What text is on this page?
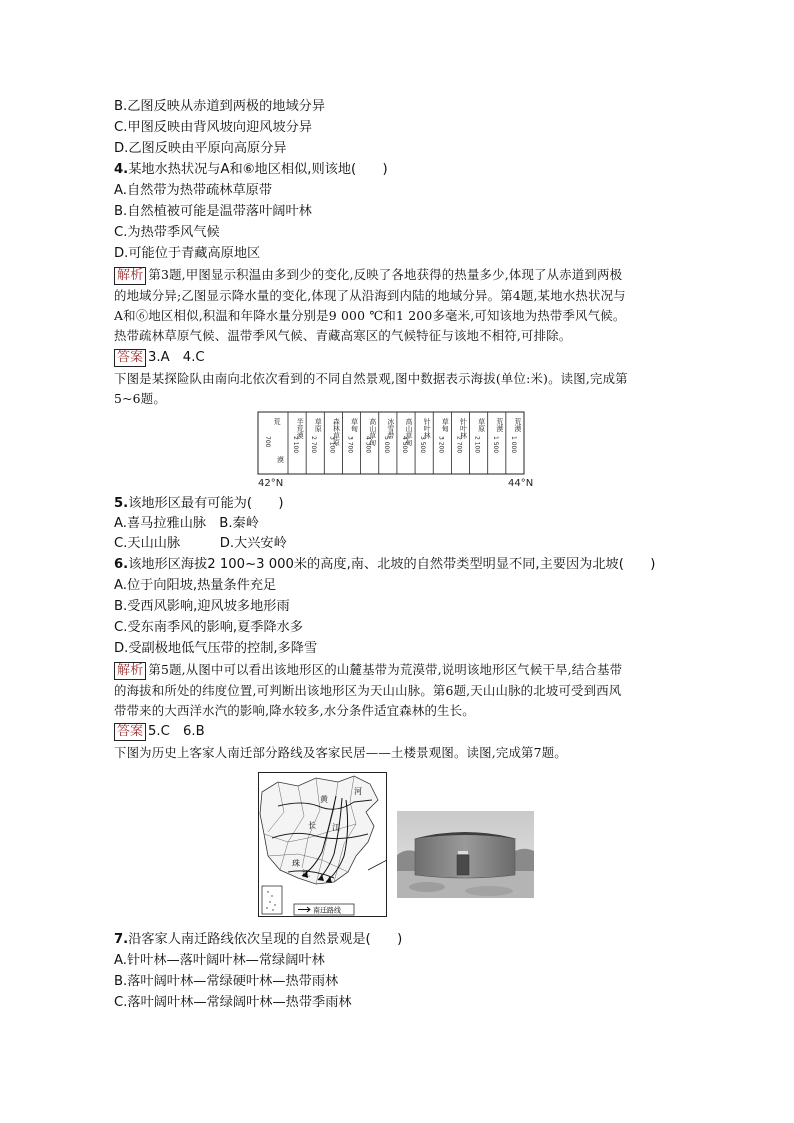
B.乙图反映从赤道到两极的地域分异
C.甲图反映由背风坡向迎风坡分异
D.乙图反映由平原向高原分异
4.某地水热状况与A和⑥地区相似,则该地(　　)
A.自然带为热带疏林草原带
B.自然植被可能是温带落叶阔叶林
C.为热带季风气候
D.可能位于青藏高原地区
解析 第3题,甲图显示积温由多到少的变化,反映了各地获得的热量多少,体现了从赤道到两极
的地域分异;乙图显示降水量的变化,体现了从沿海到内陆的地域分异。第4题,某地水热状况与
A和⑥地区相似,积温和年降水量分别是9 000 ℃和1 200多毫米,可知该地为热带季风气候。
热带疏林草原气候、温带季风气候、青藏高寒区的气候特征与该地不相符,可排除。
答案 3.A　4.C
下图是某探险队由南向北依次看到的不同自然景观,图中数据表示海拔(单位:米)。读图,完成第
5~6题。
荒
700
漠
半荒漠
2 100
草原
2 700 森林草原
3 100
草甸
3 700 高山草甸
4 300
冰雪带
5 000 高山草甸
4 500
针叶林
3 500
草甸
3 200
针叶林
2 700
草原
2 100
荒漠
1 500
荒漠
1 000
42°N	44°N
5.该地形区最有可能为(　　)
A.喜马拉雅山脉　B.秦岭
C.天山山脉　　　D.大兴安岭
6.该地形区海拔2 100~3 000米的高度,南、北坡的自然带类型明显不同,主要因为北坡(　　)
A.位于向阳坡,热量条件充足
B.受西风影响,迎风坡多地形雨
C.受东南季风的影响,夏季降水多
D.受副极地低气压带的控制,多降雪
解析 第5题,从图中可以看出该地形区的山麓基带为荒漠带,说明该地形区气候干旱,结合基带
的海拔和所处的纬度位置,可判断出该地形区为天山山脉。第6题,天山山脉的北坡可受到西风
带带来的大西洋水汽的影响,降水较多,水分条件适宜森林的生长。
答案 5.C　6.B
下图为历史上客家人南迁部分路线及客家民居——土楼景观图。读图,完成第7题。
黄
河
长 江
珠
江
南迁路线
7.沿客家人南迁路线依次呈现的自然景观是(　　)
A.针叶林—落叶阔叶林—常绿阔叶林
B.落叶阔叶林—常绿硬叶林—热带雨林
C.落叶阔叶林—常绿阔叶林—热带季雨林
